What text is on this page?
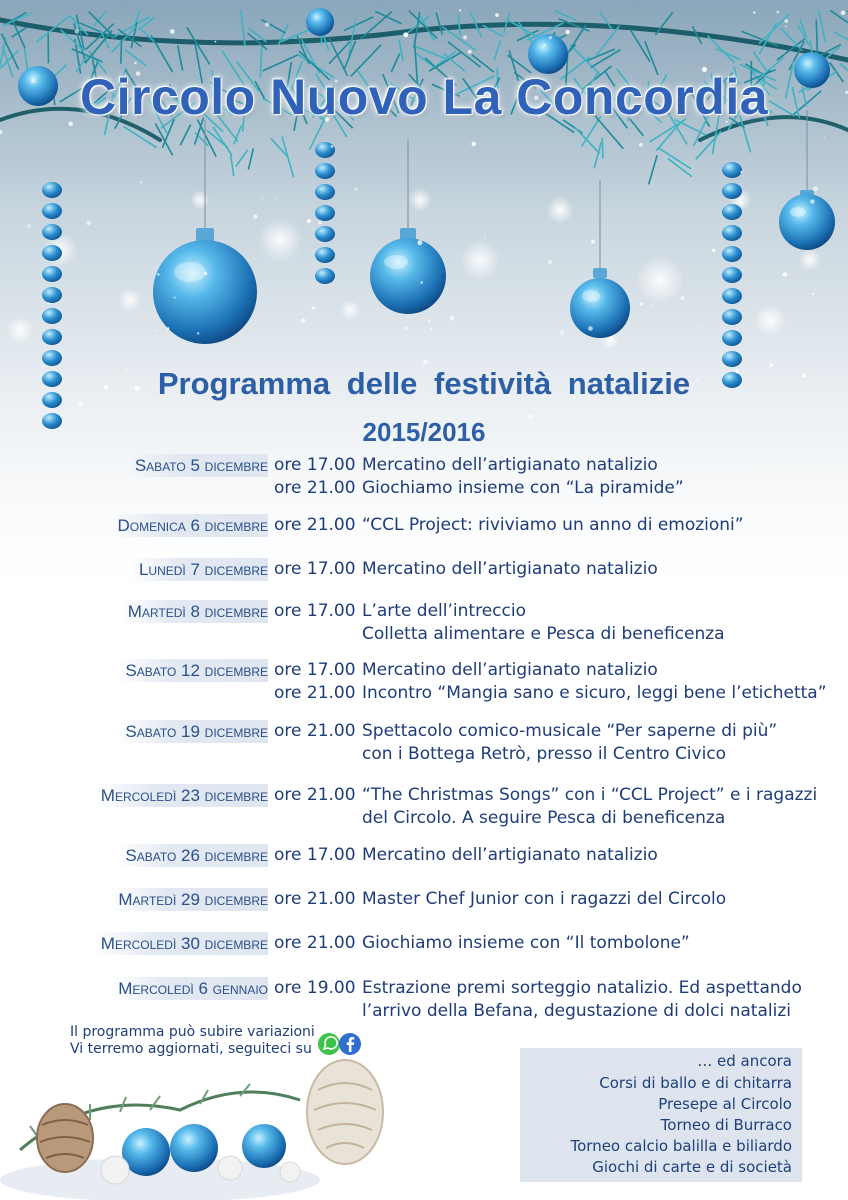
Circolo Nuovo La Concordia
Programma delle festività natalizie
2015/2016
Sabato 5 dicembre ore 17.00 Mercatino dell’artigianato natalizio
ore 21.00 Giochiamo insieme con “La piramide”
Domenica 6 dicembre ore 21.00 “CCL Project: riviviamo un anno di emozioni”
Lunedì 7 dicembre ore 17.00 Mercatino dell’artigianato natalizio
Martedì 8 dicembre ore 17.00 L’arte dell’intreccio
Colletta alimentare e Pesca di beneficenza
Sabato 12 dicembre ore 17.00 Mercatino dell’artigianato natalizio
ore 21.00 Incontro “Mangia sano e sicuro, leggi bene l’etichetta”
Sabato 19 dicembre ore 21.00 Spettacolo comico-musicale “Per saperne di più”
con i Bottega Retrò, presso il Centro Civico
Mercoledì 23 dicembre ore 21.00 “The Christmas Songs” con i “CCL Project” e i ragazzi
del Circolo. A seguire Pesca di beneficenza
Sabato 26 dicembre ore 17.00 Mercatino dell’artigianato natalizio
Martedì 29 dicembre ore 21.00 Master Chef Junior con i ragazzi del Circolo
Mercoledì 30 dicembre ore 21.00 Giochiamo insieme con “Il tombolone”
Mercoledì 6 gennaio ore 19.00 Estrazione premi sorteggio natalizio. Ed aspettando
l’arrivo della Befana, degustazione di dolci natalizi
Il programma può subire variazioni
Vi terremo aggiornati, seguiteci su
… ed ancora
Corsi di ballo e di chitarra
Presepe al Circolo
Torneo di Burraco
Torneo calcio balilla e biliardo
Giochi di carte e di società
